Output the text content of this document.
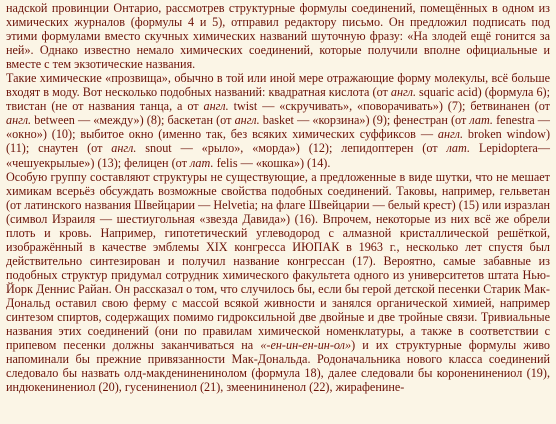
надской провинции Онтарио, рассмотрев структурные формулы соединений, помещённых в одном из химических журналов (формулы 4 и 5), отправил редактору письмо. Он предложил подписать под этими формулами вместо скучных химических названий шуточную фразу: «На злодей ещё гонится за ней». Однако известно немало химических соединений, которые получили вполне официальные и вместе с тем экзотические названия.

Такие химические «прозвища», обычно в той или иной мере отражающие форму молекулы, всё больше входят в моду. Вот несколько подобных названий: квадратная кислота (от англ. squaric acid) (формула 6); твистан (не от названия танца, а от англ. twist — «скручивать», «поворачивать») (7); бетвинанен (от англ. between — «между») (8); баскетан (от англ. basket — «корзина») (9); фенестран (от лат. fenestra — «окно») (10); выбитое окно (именно так, без всяких химических суффиксов — англ. broken window) (11); снаутен (от англ. snout — «рыло», «морда») (12); лепидоптерен (от лат. Lepidoptera— «чешуекрылые») (13); фелицен (от лат. felis — «кошка») (14).

Особую группу составляют структуры не существующие, а предложенные в виде шутки, что не мешает химикам всерьёз обсуждать возможные свойства подобных соединений. Таковы, например, гельветан (от латинского названия Швейцарии — Helvetia; на флаге Швейцарии — белый крест) (15) или изразлан (символ Израиля — шестиугольная «звезда Давида») (16). Впрочем, некоторые из них всё же обрели плоть и кровь. Например, гипотетический углеводород с алмазной кристаллической решёткой, изображённый в качестве эмблемы XIX конгресса ИЮПАК в 1963 г., несколько лет спустя был действительно синтезирован и получил название конгрессан (17). Вероятно, самые забавные из подобных структур придумал сотрудник химического факультета одного из университетов штата Нью-Йорк Деннис Райан. Он рассказал о том, что случилось бы, если бы герой детской песенки Старик Мак-Дональд оставил свою ферму с массой всякой живности и занялся органической химией, например синтезом спиртов, содержащих помимо гидроксильной две двойные и две тройные связи. Тривиальные названия этих соединений (они по правилам химической номенклатуры, а также в соответствии с припевом песенки должны заканчиваться на «-ен-ин-ен-ин-ол») и их структурные формулы живо напоминали бы прежние привязанности Мак-Дональда. Родоначальника нового класса соединений следовало бы назвать олд-макдениненинолом (формула 18), далее следовали бы короненинениол (19), индюкенинениол (20), гусенинениол (21), змеенининенол (22), жирафенине-
